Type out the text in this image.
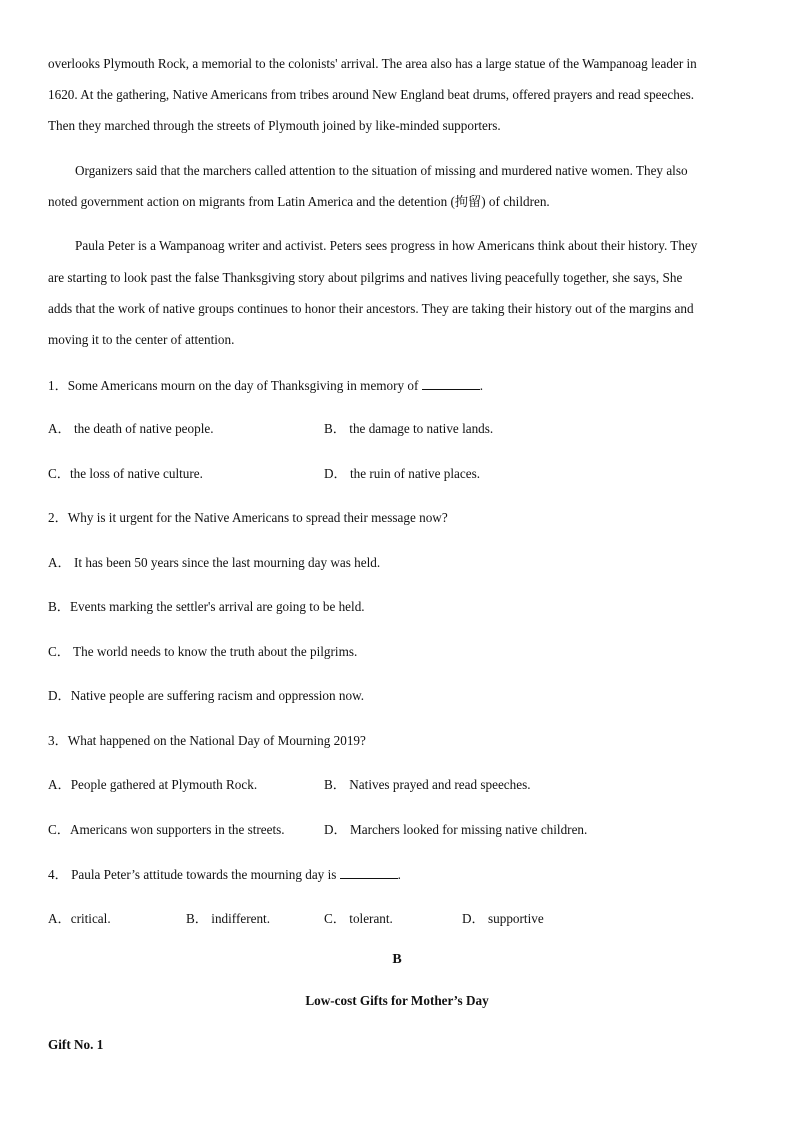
overlooks Plymouth Rock, a memorial to the colonists' arrival. The area also has a large statue of the Wampanoag leader in
1620. At the gathering, Native Americans from tribes around New England beat drums, offered prayers and read speeches.
Then they marched through the streets of Plymouth joined by like-minded supporters.
Organizers said that the marchers called attention to the situation of missing and murdered native women. They also
noted government action on migrants from Latin America and the detention (拘留) of children.
Paula Peter is a Wampanoag writer and activist. Peters sees progress in how Americans think about their history. They
are starting to look past the false Thanksgiving story about pilgrims and natives living peacefully together, she says, She
adds that the work of native groups continues to honor their ancestors. They are taking their history out of the margins and
moving it to the center of attention.
1．Some Americans mourn on the day of Thanksgiving in memory of	.
A． the death of native people.	B． the damage to native lands.
C．the loss of native culture.	D． the ruin of native places.
2．Why is it urgent for the Native Americans to spread their message now?
A． It has been 50 years since the last mourning day was held.
B．Events marking the settler's arrival are going to be held.
C． The world needs to know the truth about the pilgrims.
D．Native people are suffering racism and oppression now.
3．What happened on the National Day of Mourning 2019?
A．People gathered at Plymouth Rock.	B． Natives prayed and read speeches.
C．Americans won supporters in the streets.	D． Marchers looked for missing native children.
4． Paula Peter’s attitude towards the mourning day is	.
A．critical.	B． indifferent.	C． tolerant.	D． supportive
B
Low-cost Gifts for Mother’s Day
Gift No. 1
